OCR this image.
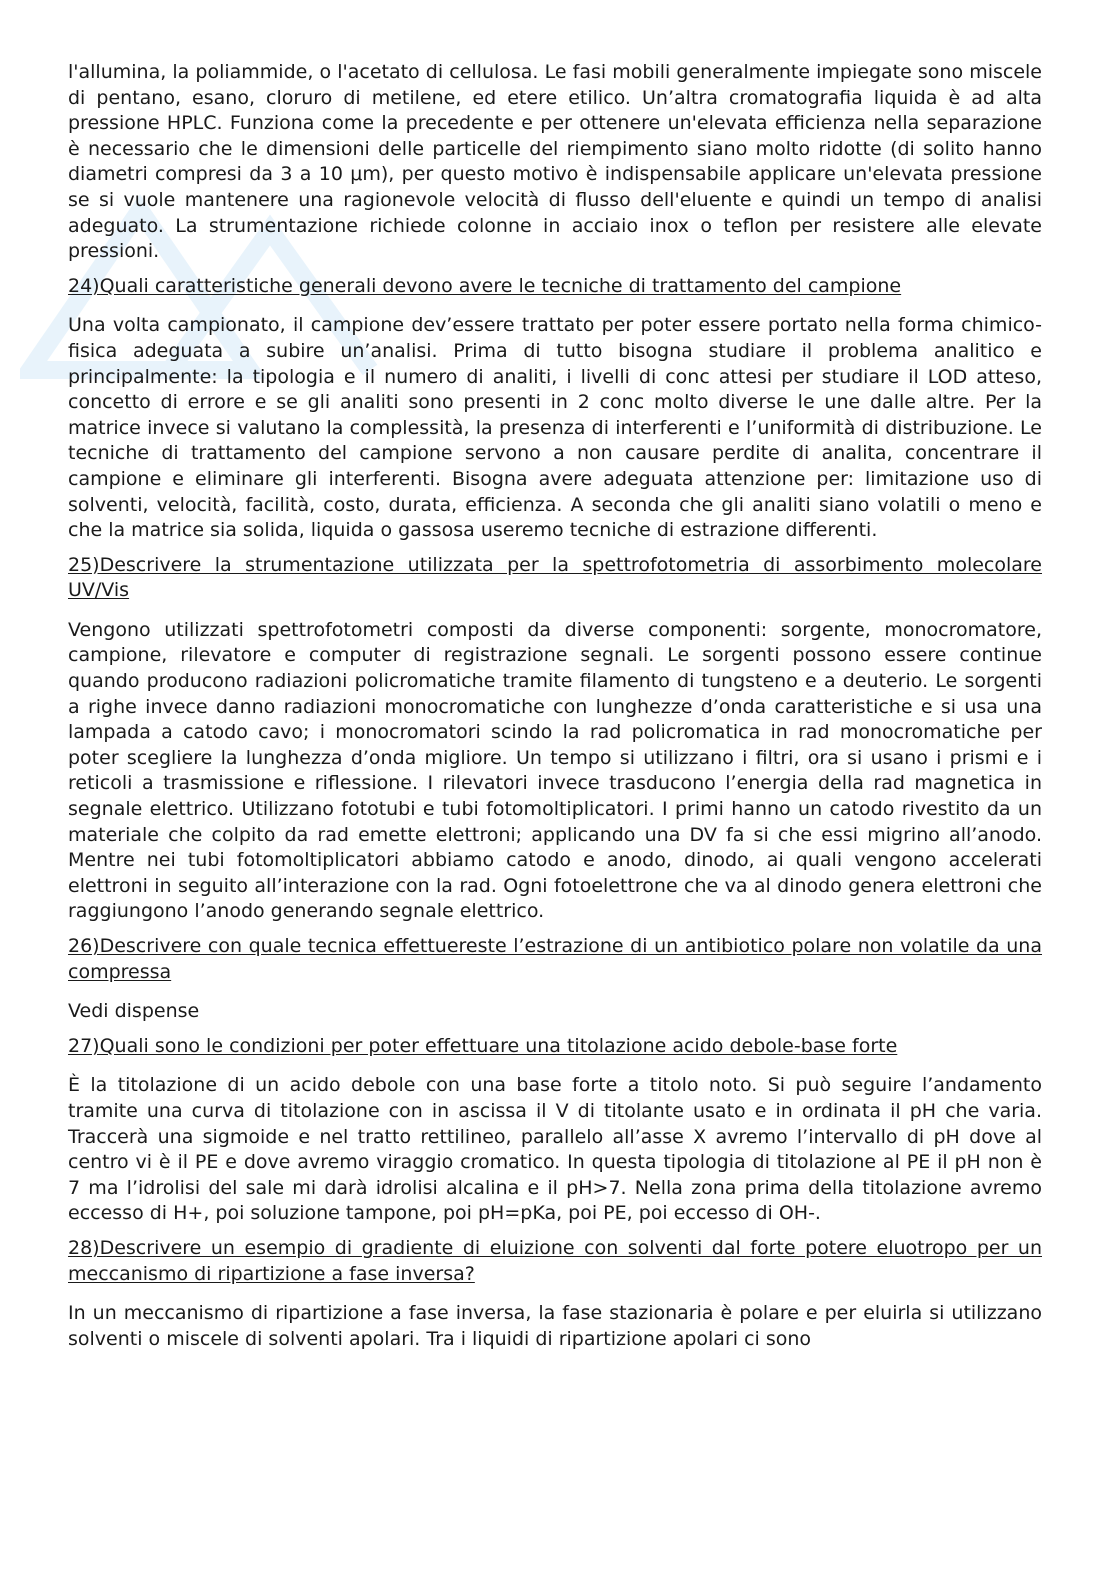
l'allumina, la poliammide, o l'acetato di cellulosa. Le fasi mobili generalmente impiegate sono miscele di pentano, esano, cloruro di metilene, ed etere etilico. Un’altra cromatografia liquida è ad alta pressione HPLC. Funziona come la precedente e per ottenere un'elevata efficienza nella separazione è necessario che le dimensioni delle particelle del riempimento siano molto ridotte (di solito hanno diametri compresi da 3 a 10 μm), per questo motivo è indispensabile applicare un'elevata pressione se si vuole mantenere una ragionevole velocità di flusso dell'eluente e quindi un tempo di analisi adeguato. La strumentazione richiede colonne in acciaio inox o teflon per resistere alle elevate pressioni.

24)Quali caratteristiche generali devono avere le tecniche di trattamento del campione

Una volta campionato, il campione dev’essere trattato per poter essere portato nella forma chimico-fisica adeguata a subire un’analisi. Prima di tutto bisogna studiare il problema analitico e principalmente: la tipologia e il numero di analiti, i livelli di conc attesi per studiare il LOD atteso, concetto di errore e se gli analiti sono presenti in 2 conc molto diverse le une dalle altre. Per la matrice invece si valutano la complessità, la presenza di interferenti e l’uniformità di distribuzione. Le tecniche di trattamento del campione servono a non causare perdite di analita, concentrare il campione e eliminare gli interferenti. Bisogna avere adeguata attenzione per: limitazione uso di solventi, velocità, facilità, costo, durata, efficienza. A seconda che gli analiti siano volatili o meno e che la matrice sia solida, liquida o gassosa useremo tecniche di estrazione differenti.

25)Descrivere la strumentazione utilizzata per la spettrofotometria di assorbimento molecolare UV/Vis

Vengono utilizzati spettrofotometri composti da diverse componenti: sorgente, monocromatore, campione, rilevatore e computer di registrazione segnali. Le sorgenti possono essere continue quando producono radiazioni policromatiche tramite filamento di tungsteno e a deuterio. Le sorgenti a righe invece danno radiazioni monocromatiche con lunghezze d’onda caratteristiche e si usa una lampada a catodo cavo; i monocromatori scindo la rad policromatica in rad monocromatiche per poter scegliere la lunghezza d’onda migliore. Un tempo si utilizzano i filtri, ora si usano i prismi e i reticoli a trasmissione e riflessione. I rilevatori invece trasducono l’energia della rad magnetica in segnale elettrico. Utilizzano fototubi e tubi fotomoltiplicatori. I primi hanno un catodo rivestito da un materiale che colpito da rad emette elettroni; applicando una DV fa si che essi migrino all’anodo. Mentre nei tubi fotomoltiplicatori abbiamo catodo e anodo, dinodo, ai quali vengono accelerati elettroni in seguito all’interazione con la rad. Ogni fotoelettrone che va al dinodo genera elettroni che raggiungono l’anodo generando segnale elettrico.

26)Descrivere con quale tecnica effettuereste l’estrazione di un antibiotico polare non volatile da una compressa

Vedi dispense

27)Quali sono le condizioni per poter effettuare una titolazione acido debole-base forte

È la titolazione di un acido debole con una base forte a titolo noto. Si può seguire l’andamento tramite una curva di titolazione con in ascissa il V di titolante usato e in ordinata il pH che varia. Traccerà una sigmoide e nel tratto rettilineo, parallelo all’asse X avremo l’intervallo di pH dove al centro vi è il PE e dove avremo viraggio cromatico. In questa tipologia di titolazione al PE il pH non è 7 ma l’idrolisi del sale mi darà idrolisi alcalina e il pH>7. Nella zona prima della titolazione avremo eccesso di H+, poi soluzione tampone, poi pH=pKa, poi PE, poi eccesso di OH-.

28)Descrivere un esempio di gradiente di eluizione con solventi dal forte potere eluotropo per un meccanismo di ripartizione a fase inversa?

In un meccanismo di ripartizione a fase inversa, la fase stazionaria è polare e per eluirla si utilizzano solventi o miscele di solventi apolari. Tra i liquidi di ripartizione apolari ci sono
